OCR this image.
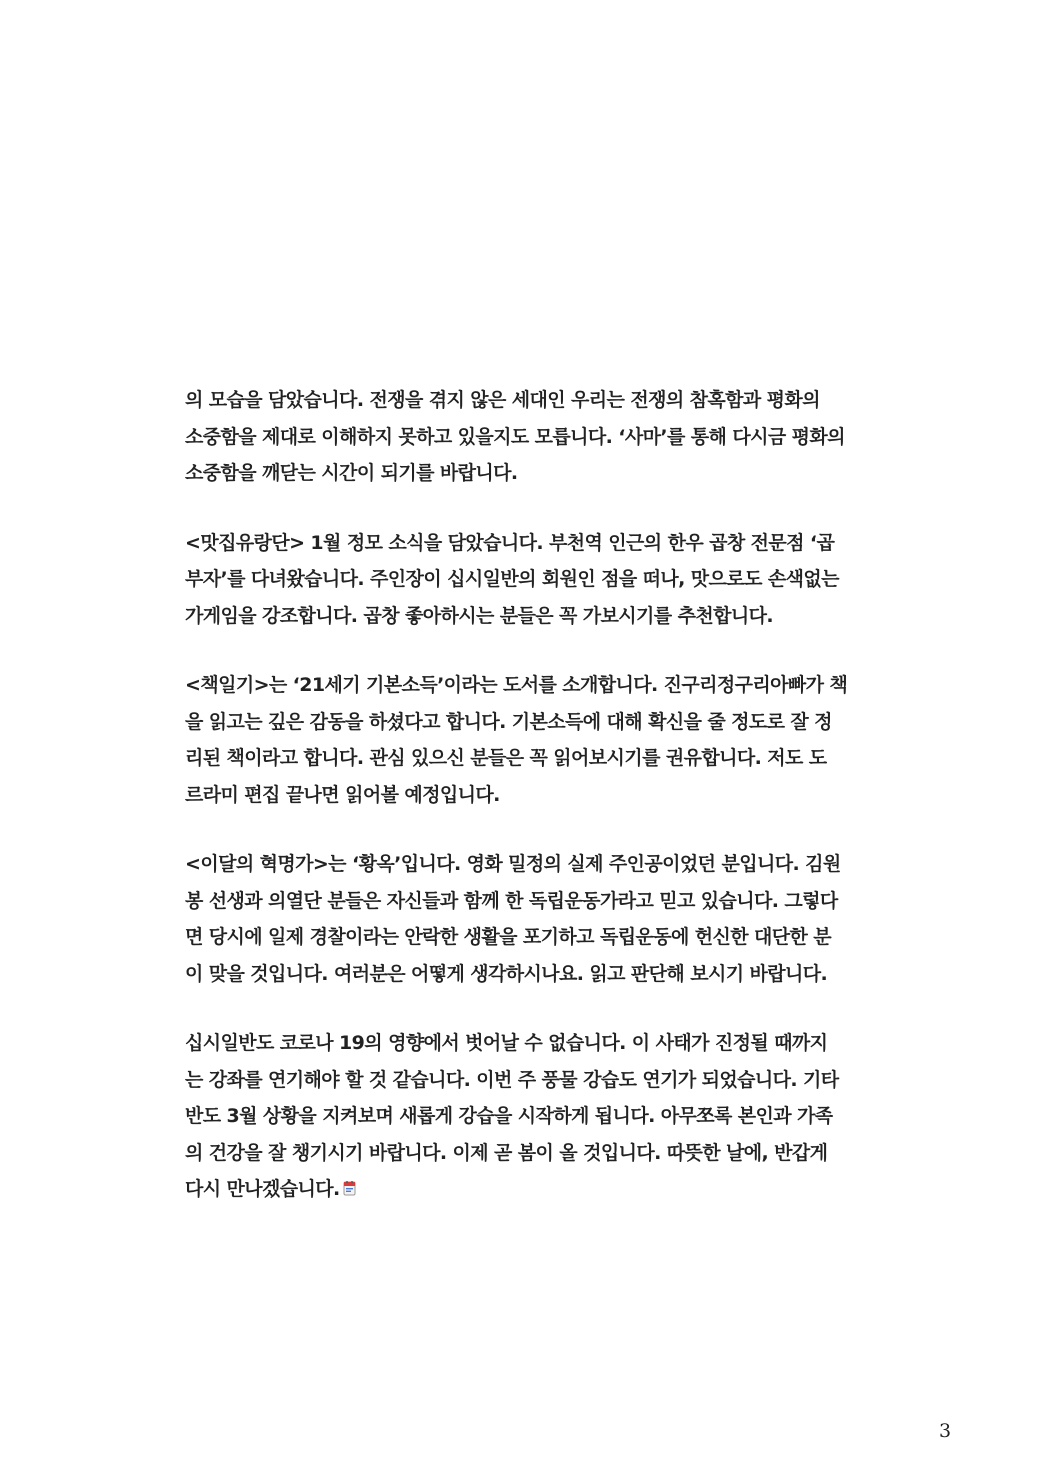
의 모습을 담았습니다. 전쟁을 겪지 않은 세대인 우리는 전쟁의 참혹함과 평화의
소중함을 제대로 이해하지 못하고 있을지도 모릅니다. ‘사마’를 통해 다시금 평화의
소중함을 깨닫는 시간이 되기를 바랍니다.

<맛집유랑단> 1월 정모 소식을 담았습니다. 부천역 인근의 한우 곱창 전문점 ‘곱
부자’를 다녀왔습니다. 주인장이 십시일반의 회원인 점을 떠나, 맛으로도 손색없는
가게임을 강조합니다. 곱창 좋아하시는 분들은 꼭 가보시기를 추천합니다.

<책일기>는 ‘21세기 기본소득’이라는 도서를 소개합니다. 진구리정구리아빠가 책
을 읽고는 깊은 감동을 하셨다고 합니다. 기본소득에 대해 확신을 줄 정도로 잘 정
리된 책이라고 합니다. 관심 있으신 분들은 꼭 읽어보시기를 권유합니다. 저도 도
르라미 편집 끝나면 읽어볼 예정입니다.

<이달의 혁명가>는 ‘황옥’입니다. 영화 밀정의 실제 주인공이었던 분입니다. 김원
봉 선생과 의열단 분들은 자신들과 함께 한 독립운동가라고 믿고 있습니다. 그렇다
면 당시에 일제 경찰이라는 안락한 생활을 포기하고 독립운동에 헌신한 대단한 분
이 맞을 것입니다. 여러분은 어떻게 생각하시나요. 읽고 판단해 보시기 바랍니다.

십시일반도 코로나 19의 영향에서 벗어날 수 없습니다. 이 사태가 진정될 때까지
는 강좌를 연기해야 할 것 같습니다. 이번 주 풍물 강습도 연기가 되었습니다. 기타
반도 3월 상황을 지켜보며 새롭게 강습을 시작하게 됩니다. 아무쪼록 본인과 가족
의 건강을 잘 챙기시기 바랍니다. 이제 곧 봄이 올 것입니다. 따뜻한 날에, 반갑게
다시 만나겠습니다.

3
